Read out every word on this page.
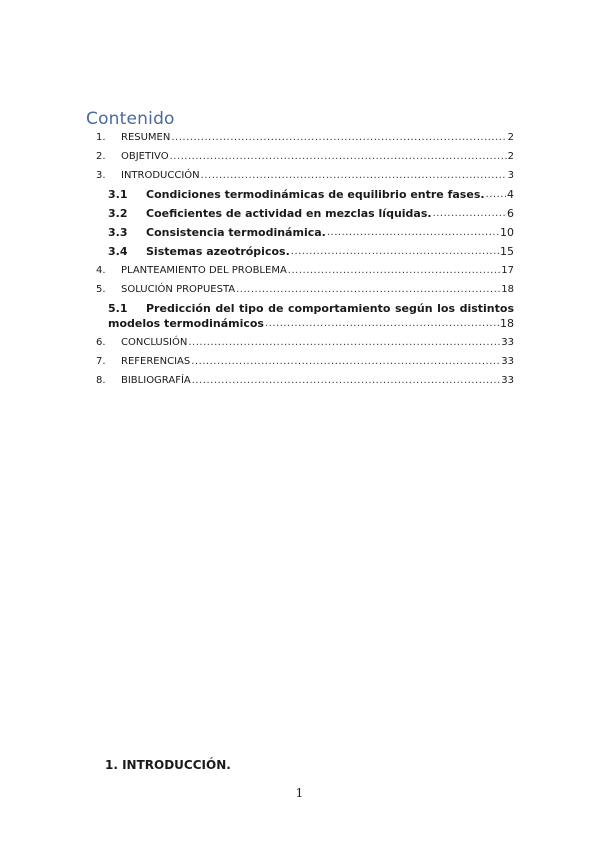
Contenido
1.	RESUMEN .....	2
2.	OBJETIVO .....	2
3.	INTRODUCCIÓN .....	3
3.1	Condiciones termodinámicas de equilibrio entre fases. ..... 4
3.2	Coeficientes de actividad en mezclas líquidas. .....	6
3.3	Consistencia termodinámica. .....	10
3.4	Sistemas azeotrópicos. .....	15
4.	PLANTEAMIENTO DEL PROBLEMA .....	17
5.	SOLUCIÓN PROPUESTA .....	18
5.1	Predicción del tipo de comportamiento según los distintos
modelos termodinámicos .....	18
6.	CONCLUSIÓN .....	33
7.	REFERENCIAS .....	33
8.	BIBLIOGRAFÍA .....	33
1. INTRODUCCIÓN.
1
